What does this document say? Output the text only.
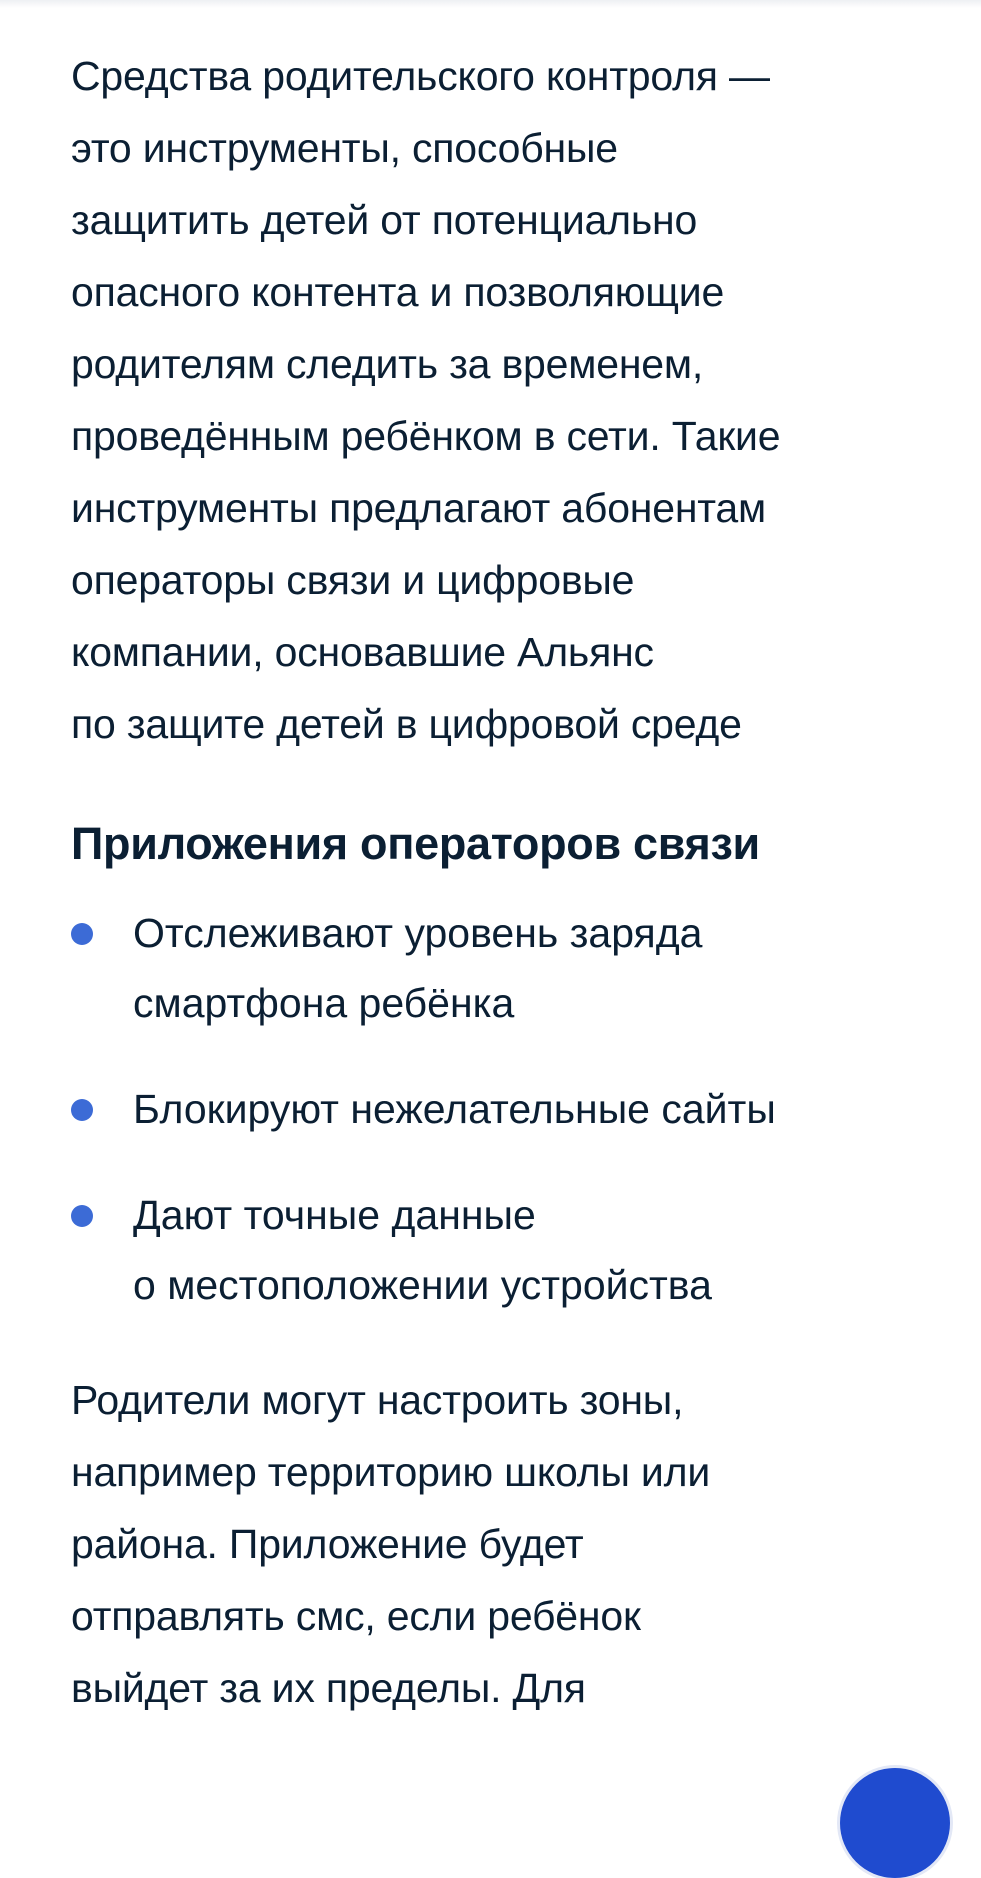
Средства родительского контроля —
это инструменты, способные
защитить детей от потенциально
опасного контента и позволяющие
родителям следить за временем,
проведённым ребёнком в сети. Такие
инструменты предлагают абонентам
операторы связи и цифровые
компании, основавшие Альянс
по защите детей в цифровой среде

Приложения операторов связи
Отслеживают уровень заряда
смартфона ребёнка
Блокируют нежелательные сайты
Дают точные данные
о местоположении устройства

Родители могут настроить зоны,
например территорию школы или
района. Приложение будет
отправлять смс, если ребёнок
выйдет за их пределы. Для
